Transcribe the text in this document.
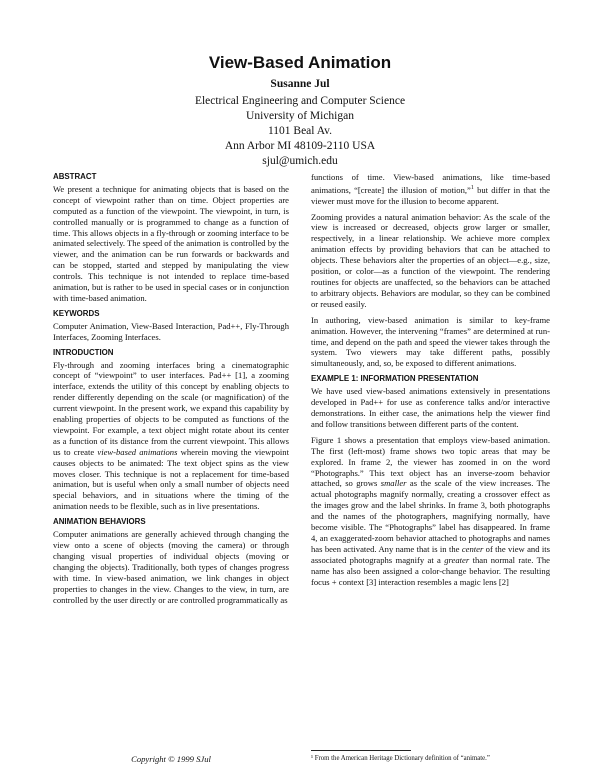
View-Based Animation
Susanne Jul
Electrical Engineering and Computer Science
University of Michigan
1101 Beal Av.
Ann Arbor MI 48109-2110 USA
sjul@umich.edu
ABSTRACT

We present a technique for animating objects that is based on the concept of viewpoint rather than on time. Object properties are computed as a function of the viewpoint. The viewpoint, in turn, is controlled manually or is programmed to change as a function of time. This allows objects in a fly-through or zooming interface to be animated selectively. The speed of the animation is controlled by the viewer, and the animation can be run forwards or backwards and can be stopped, started and stepped by manipulating the view controls. This technique is not intended to replace time-based animation, but is rather to be used in special cases or in conjunction with time-based animation.

KEYWORDS

Computer Animation, View-Based Interaction, Pad++, Fly-Through Interfaces, Zooming Interfaces.

INTRODUCTION

Fly-through and zooming interfaces bring a cinematographic concept of “viewpoint” to user interfaces. Pad++ [1], a zooming interface, extends the utility of this concept by enabling objects to render differently depending on the scale (or magnification) of the current viewpoint. In the present work, we expand this capability by enabling properties of objects to be computed as functions of the viewpoint. For example, a text object might rotate about its center as a function of its distance from the current viewpoint. This allows us to create view-based animations wherein moving the viewpoint causes objects to be animated: The text object spins as the view moves closer. This technique is not a replacement for time-based animation, but is useful when only a small number of objects need special behaviors, and in situations where the timing of the animation needs to be flexible, such as in live presentations.

ANIMATION BEHAVIORS

Computer animations are generally achieved through changing the view onto a scene of objects (moving the camera) or through changing visual properties of individual objects (moving or changing the objects). Traditionally, both types of changes progress with time. In view-based animation, we link changes in object properties to changes in the view. Changes to the view, in turn, are controlled by the user directly or are controlled programmatically as

functions of time. View-based animations, like time-based animations, “[create] the illusion of motion,”$^1$ but differ in that the viewer must move for the illusion to become apparent.

Zooming provides a natural animation behavior: As the scale of the view is increased or decreased, objects grow larger or smaller, respectively, in a linear relationship. We achieve more complex animation effects by providing behaviors that can be attached to objects. These behaviors alter the properties of an object—e.g., size, position, or color—as a function of the viewpoint. The rendering routines for objects are unaffected, so the behaviors can be attached to arbitrary objects. Behaviors are modular, so they can be combined or reused easily.

In authoring, view-based animation is similar to key-frame animation. However, the intervening “frames” are determined at run-time, and depend on the path and speed the viewer takes through the system. Two viewers may take different paths, possibly simultaneously, and, so, be exposed to different animations.

EXAMPLE 1: INFORMATION PRESENTATION

We have used view-based animations extensively in presentations developed in Pad++ for use as conference talks and/or interactive demonstrations. In either case, the animations help the viewer find and follow transitions between different parts of the content.

Figure 1 shows a presentation that employs view-based animation. The first (left-most) frame shows two topic areas that may be explored. In frame 2, the viewer has zoomed in on the word “Photographs.” This text object has an inverse-zoom behavior attached, so grows smaller as the scale of the view increases. The actual photographs magnify normally, creating a crossover effect as the images grow and the label shrinks. In frame 3, both photographs and the names of the photographers, magnifying normally, have become visible. The “Photographs” label has disappeared. In frame 4, an exaggerated-zoom behavior attached to photographs and names has been activated. Any name that is in the center of the view and its associated photographs magnify at a greater than normal rate. The name has also been assigned a color-change behavior. The resulting focus + context [3] interaction resembles a magic lens [2]

Copyright © 1999 SJul	¹ From the American Heritage Dictionary definition of “animate.”
